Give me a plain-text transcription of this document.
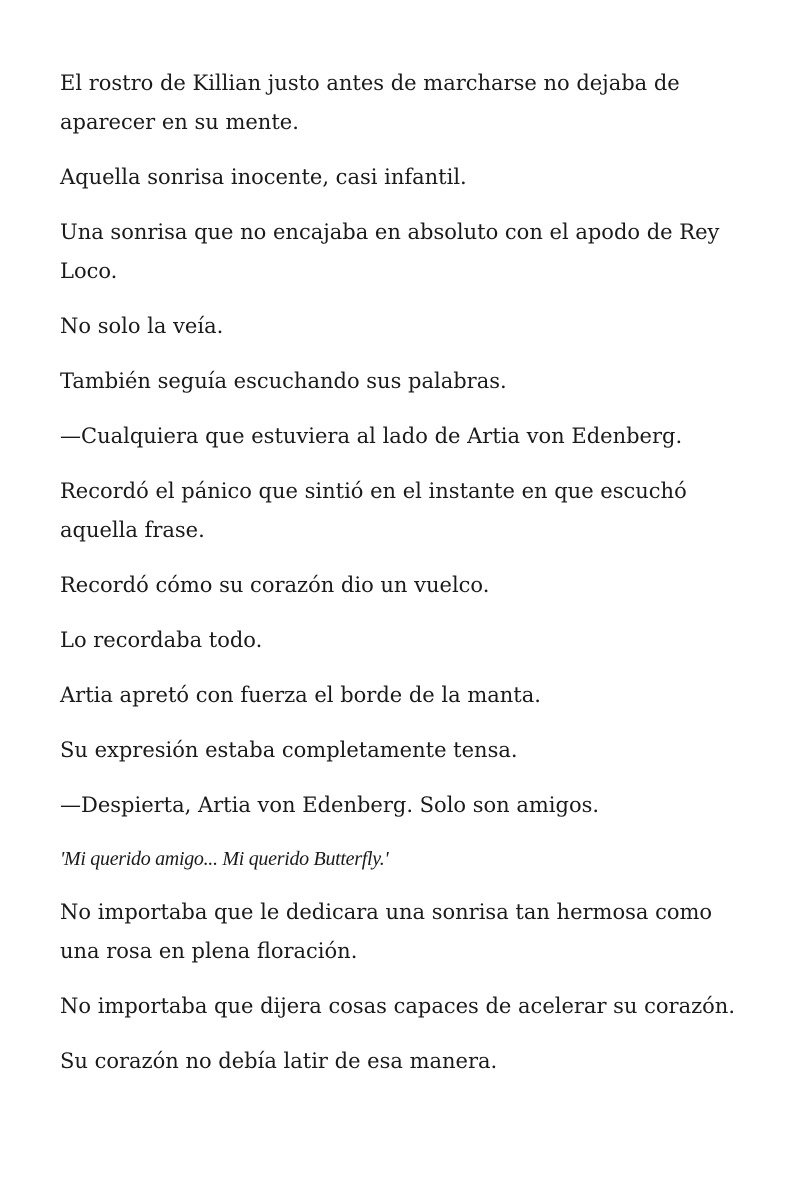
El rostro de Killian justo antes de marcharse no dejaba de aparecer en su mente.

Aquella sonrisa inocente, casi infantil.

Una sonrisa que no encajaba en absoluto con el apodo de Rey Loco.

No solo la veía.

También seguía escuchando sus palabras.

—Cualquiera que estuviera al lado de Artia von Edenberg.

Recordó el pánico que sintió en el instante en que escuchó aquella frase.

Recordó cómo su corazón dio un vuelco.

Lo recordaba todo.

Artia apretó con fuerza el borde de la manta.

Su expresión estaba completamente tensa.

—Despierta, Artia von Edenberg. Solo son amigos.

'Mi querido amigo... Mi querido Butterfly.'

No importaba que le dedicara una sonrisa tan hermosa como una rosa en plena floración.

No importaba que dijera cosas capaces de acelerar su corazón.

Su corazón no debía latir de esa manera.
